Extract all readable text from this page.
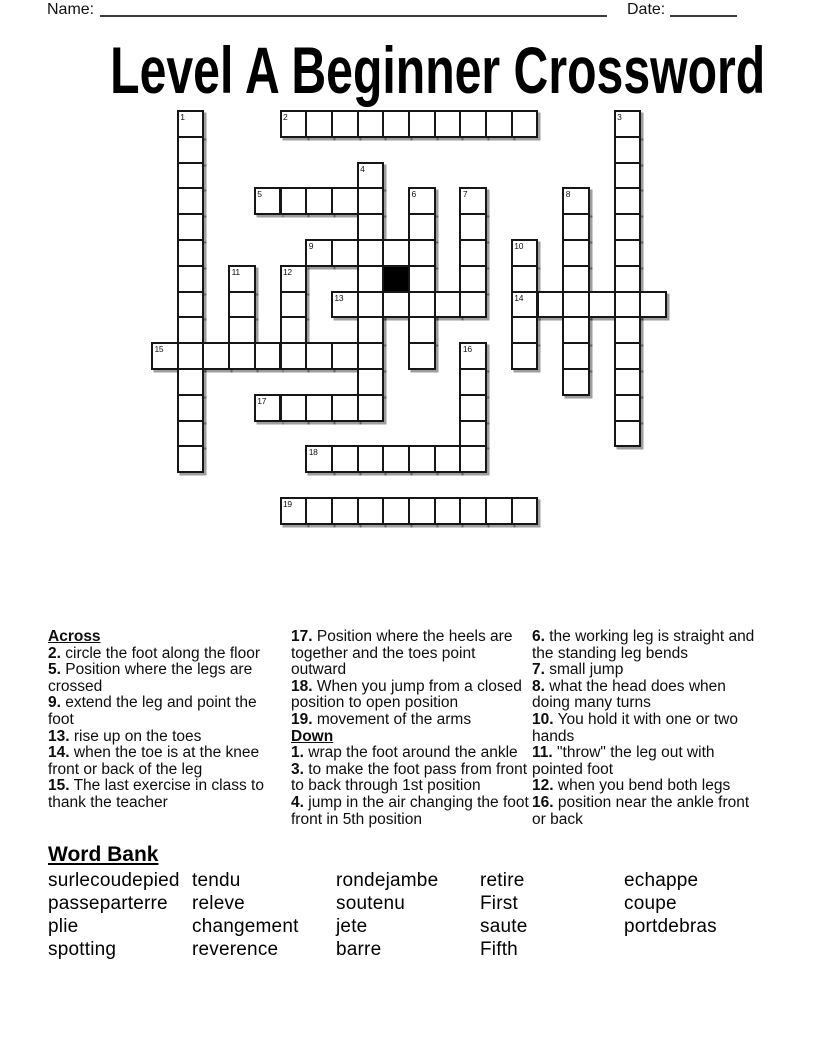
Name:	Date:
Level A Beginner Crossword
1	2	3
4
5	6	7	8
9	10
11	12
13	14
15	16
17
18
19

Across

2. circle the foot along the floor

5. Position where the legs are crossed

9. extend the leg and point the foot

13. rise up on the toes

14. when the toe is at the knee front or back of the leg

15. The last exercise in class to thank the teacher

17. Position where the heels are together and the toes point outward

18. When you jump from a closed position to open position

19. movement of the arms

Down

1. wrap the foot around the ankle

3. to make the foot pass from front to back through 1st position

4. jump in the air changing the foot front in 5th position

6. the working leg is straight and the standing leg bends

7. small jump

8. what the head does when doing many turns

10. You hold it with one or two hands

11. "throw" the leg out with pointed foot

12. when you bend both legs

16. position near the ankle front or back

Word Bank
surlecoudepied
passeparterre
plie
spotting
tendu
releve
changement
reverence
rondejambe
soutenu
jete
barre
retire
First
saute
Fifth
echappe
coupe
portdebras
